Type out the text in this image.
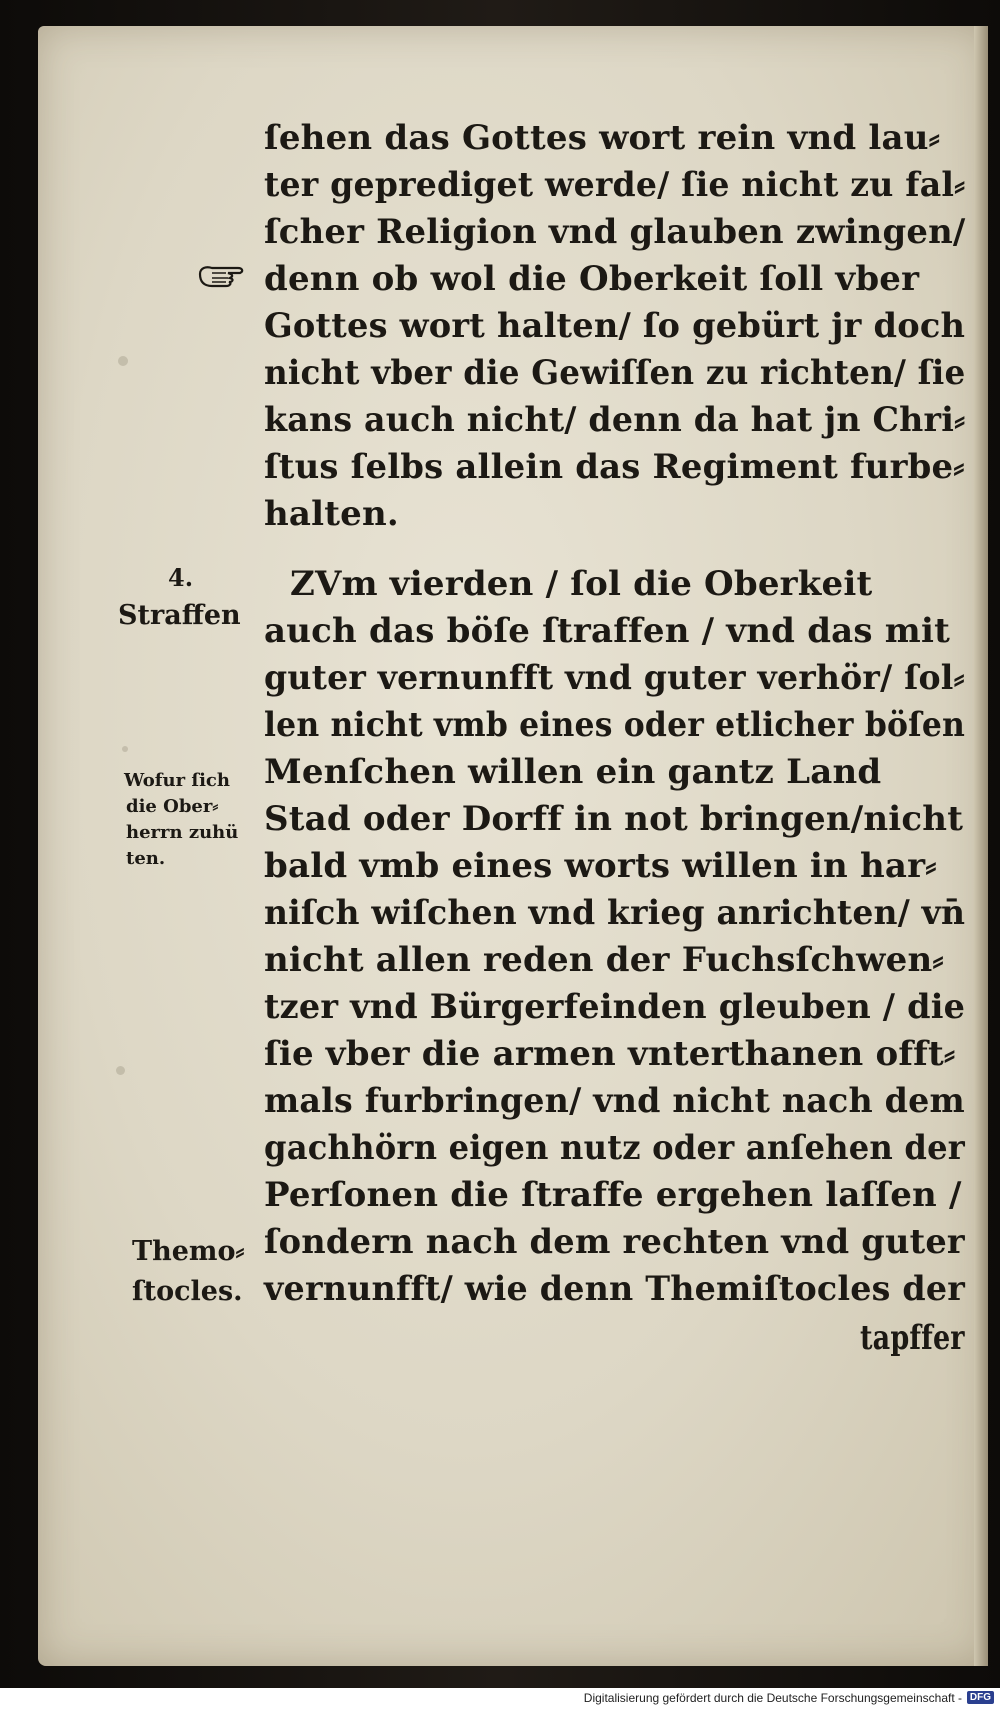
ſehen das Gottes wort rein vnd lau⸗
ter geprediget werde/ ſie nicht zu fal⸗
ſcher Religion vnd glauben zwingen/
denn ob wol die Oberkeit ſoll vber
Gottes wort halten/ ſo gebürt jr doch
nicht vber die Gewiſſen zu richten/ ſie
kans auch nicht/ denn da hat jn Chri⸗
ſtus ſelbs allein das Regiment furbe⸗
halten.
ZVm vierden / ſol die Oberkeit
auch das böſe ſtraffen / vnd das mit
guter vernunfft vnd guter verhör/ ſol⸗
len nicht vmb eines oder etlicher böſen
Menſchen willen ein gantz Land
Stad oder Dorff in not bringen/nicht
bald vmb eines worts willen in har⸗
niſch wiſchen vnd krieg anrichten/ vn̄
nicht allen reden der Fuchsſchwen⸗
tzer vnd Bürgerfeinden gleuben / die
ſie vber die armen vnterthanen offt⸗
mals furbringen/ vnd nicht nach dem
gachhörn eigen nutz oder anſehen der
Perſonen die ſtraffe ergehen laſſen /
ſondern nach dem rechten vnd guter
vernunfft/ wie denn Themiſtocles der
tapffer
4.
Straffen
Wofur ſich
die Ober⸗
herrn zuhü
ten.
Themo⸗
ſtocles.
Digitalisierung gefördert durch die Deutsche Forschungsgemeinschaft - DFG
